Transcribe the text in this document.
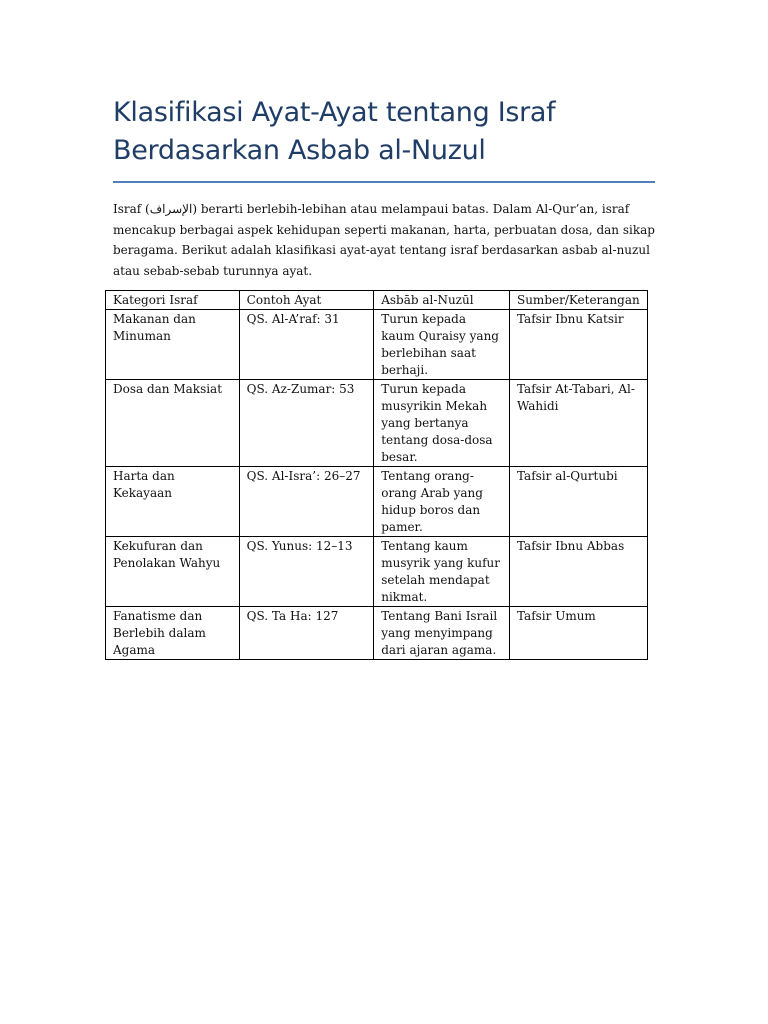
Klasifikasi Ayat-Ayat tentang Israf
Berdasarkan Asbab al-Nuzul

Israf (الإسراف) berarti berlebih-lebihan atau melampaui batas. Dalam Al-Qur’an, israf mencakup berbagai aspek kehidupan seperti makanan, harta, perbuatan dosa, dan sikap beragama. Berikut adalah klasifikasi ayat-ayat tentang israf berdasarkan asbab al-nuzul atau sebab-sebab turunnya ayat.

Kategori Israf	Contoh Ayat	Asbāb al-Nuzūl	Sumber/Keterangan
Makanan dan Minuman	QS. Al-A’raf: 31	Turun kepada kaum Quraisy yang berlebihan saat berhaji.	Tafsir Ibnu Katsir
Dosa dan Maksiat	QS. Az-Zumar: 53	Turun kepada musyrikin Mekah yang bertanya tentang dosa-dosa besar.	Tafsir At-Tabari, Al-Wahidi
Harta dan Kekayaan	QS. Al-Isra’: 26–27	Tentang orang-orang Arab yang hidup boros dan pamer.	Tafsir al-Qurtubi
Kekufuran dan Penolakan Wahyu	QS. Yunus: 12–13	Tentang kaum musyrik yang kufur setelah mendapat nikmat.	Tafsir Ibnu Abbas
Fanatisme dan Berlebih dalam Agama	QS. Ta Ha: 127	Tentang Bani Israil yang menyimpang dari ajaran agama.	Tafsir Umum
